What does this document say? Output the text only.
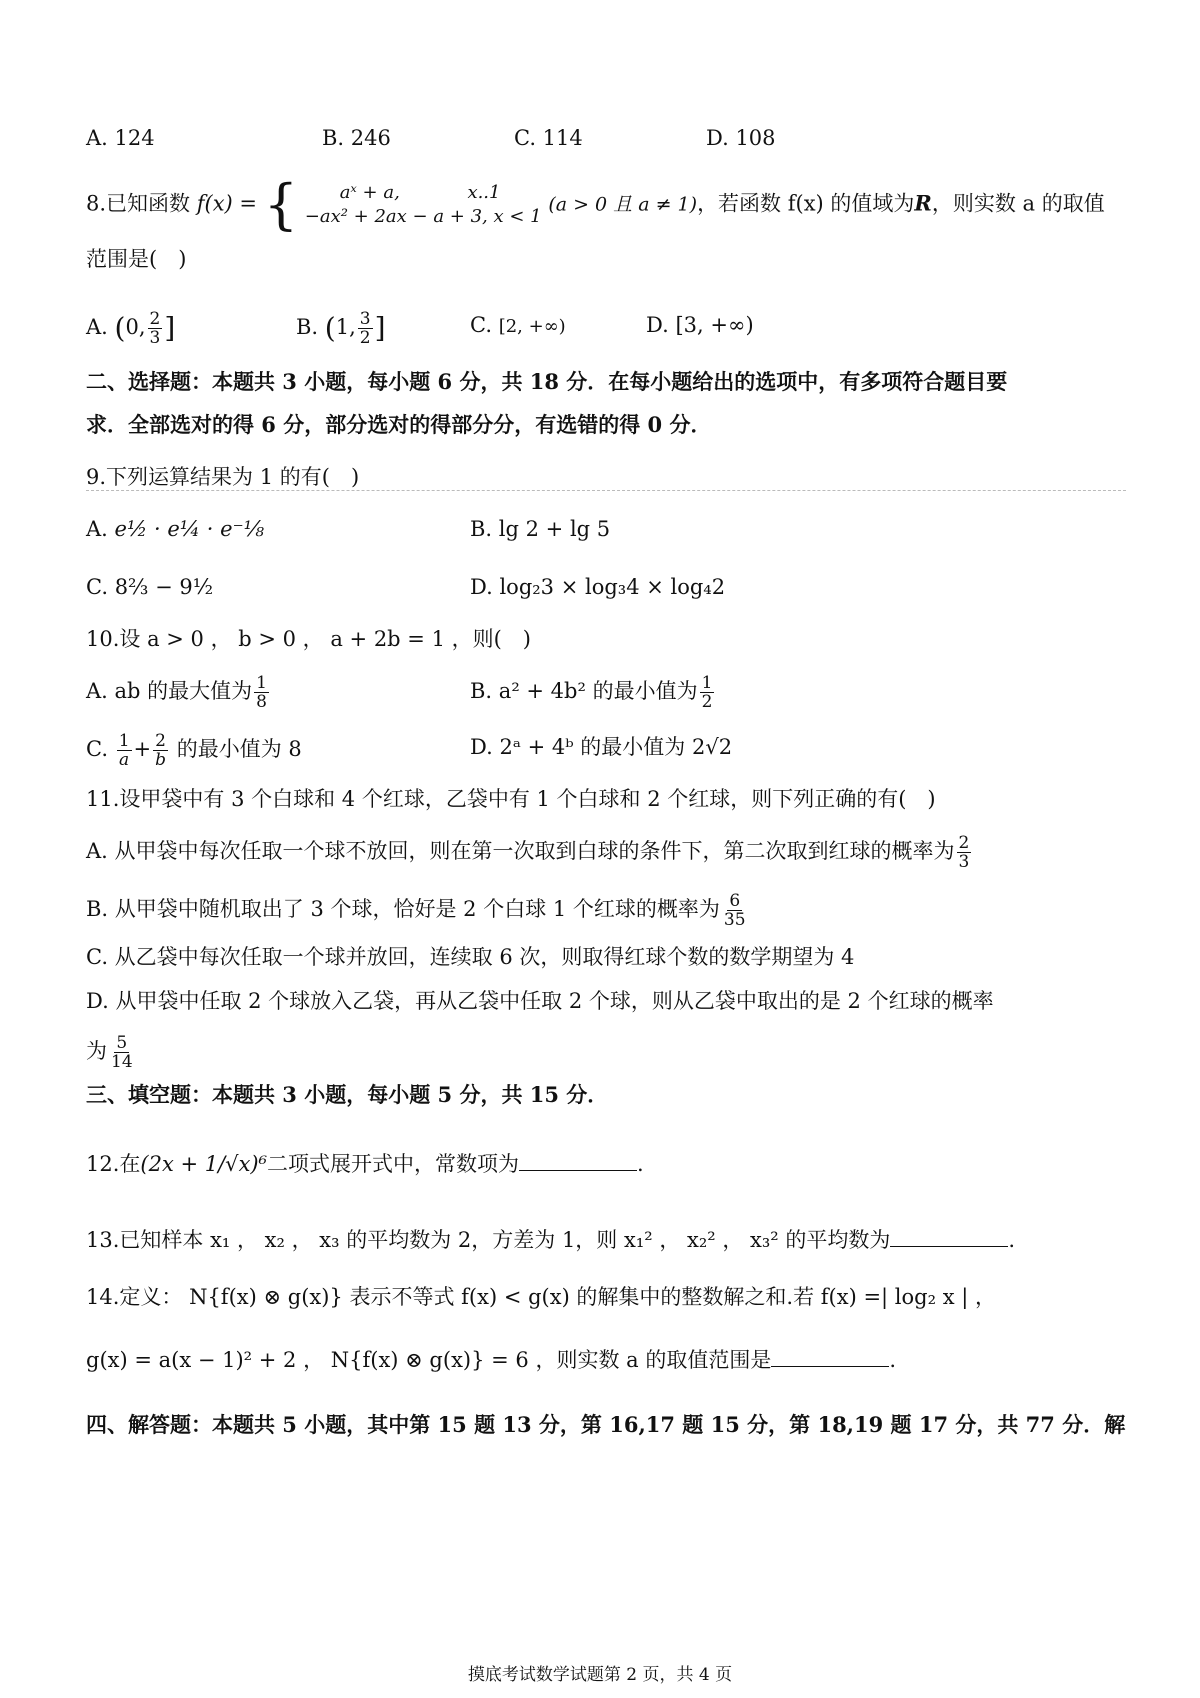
A. 124	B. 246	C. 114	D. 108
8.已知函数 f(x) = {	aˣ + a,	x..1
−ax² + 2ax − a + 3, x < 1
(a > 0 且 a ≠ 1)，若函数 f(x) 的值域为R，则实数 a 的取值
范围是(　)
A. (0, $\frac{2}{3}$ ]	B. (1, $\frac{3}{2}$ ]	C. [2, +∞)	D. [3, +∞)
二、选择题：本题共 3 小题，每小题 6 分，共 18 分．在每小题给出的选项中，有多项符合题目要
求．全部选对的得 6 分，部分选对的得部分分，有选错的得 0 分．
9.下列运算结果为 1 的有(　)
A. e½ · e¼ · e⁻⅛	B. lg 2 + lg 5
C. 8⅔ − 9½	D. log₂3 × log₃4 × log₄2
10.设 a > 0 ， b > 0 ， a + 2b = 1 ，则(　)
A. ab 的最大值为 $\frac{1}{8}$	B. a² + 4b² 的最小值为 $\frac{1}{2}$
C. $\frac{1}{a} + \frac{2}{b}$ 的最小值为 8	D. 2ᵃ + 4ᵇ 的最小值为 2√2
11.设甲袋中有 3 个白球和 4 个红球，乙袋中有 1 个白球和 2 个红球，则下列正确的有(　)
A. 从甲袋中每次任取一个球不放回，则在第一次取到白球的条件下，第二次取到红球的概率为 $\frac{2}{3}$
B. 从甲袋中随机取出了 3 个球，恰好是 2 个白球 1 个红球的概率为 $\frac{6}{35}$
C. 从乙袋中每次任取一个球并放回，连续取 6 次，则取得红球个数的数学期望为 4
D. 从甲袋中任取 2 个球放入乙袋，再从乙袋中任取 2 个球，则从乙袋中取出的是 2 个红球的概率
为 $\frac{5}{14}$
三、填空题：本题共 3 小题，每小题 5 分，共 15 分．
12.在(2x + 1/√x)⁶二项式展开式中，常数项为	.
13.已知样本 x₁ ， x₂ ， x₃ 的平均数为 2，方差为 1，则 x₁² ， x₂² ， x₃² 的平均数为	.
14.定义： N{f(x) ⊗ g(x)} 表示不等式 f(x) < g(x) 的解集中的整数解之和.若 f(x) =| log₂ x | ，
g(x) = a(x − 1)² + 2 ， N{f(x) ⊗ g(x)} = 6 ，则实数 a 的取值范围是	.
四、解答题：本题共 5 小题，其中第 15 题 13 分，第 16,17 题 15 分，第 18,19 题 17 分，共 77 分．解
摸底考试数学试题第 2 页，共 4 页
